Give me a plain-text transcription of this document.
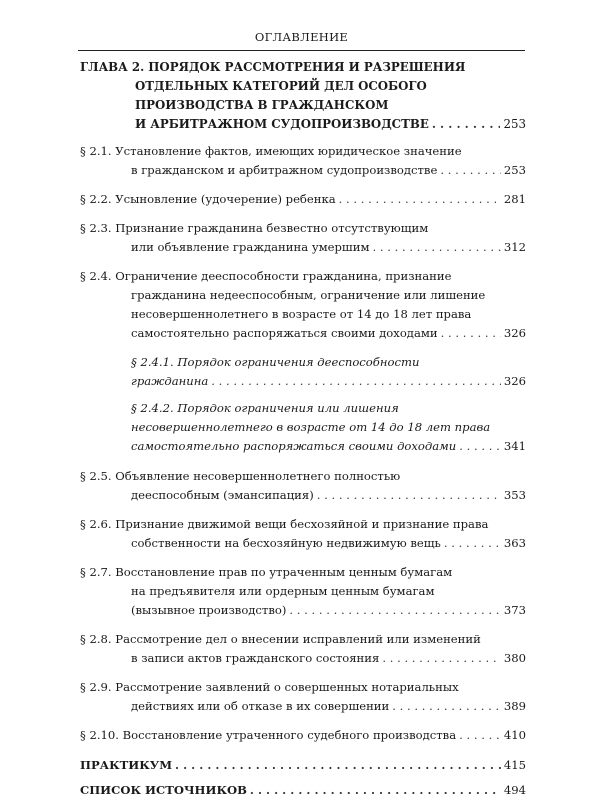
ОГЛАВЛЕНИЕ
ГЛАВА 2. ПОРЯДОК РАССМОТРЕНИЯ И РАЗРЕШЕНИЯ
ОТДЕЛЬНЫХ КАТЕГОРИЙ ДЕЛ ОСОБОГО
ПРОИЗВОДСТВА В ГРАЖДАНСКОМ
И АРБИТРАЖНОМ СУДОПРОИЗВОДСТВЕ . . .	253
§ 2.1. Установление фактов, имеющих юридическое значение
в гражданском и арбитражном судопроизводстве . . .	253
§ 2.2. Усыновление (удочерение) ребенка . . .	281
§ 2.3. Признание гражданина безвестно отсутствующим
или объявление гражданина умершим . . .	312
§ 2.4. Ограничение дееспособности гражданина, признание
гражданина недееспособным, ограничение или лишение
несовершеннолетнего в возрасте от 14 до 18 лет права
самостоятельно распоряжаться своими доходами . . .	326
§ 2.4.1. Порядок ограничения дееспособности
гражданина . . .	326
§ 2.4.2. Порядок ограничения или лишения
несовершеннолетнего в возрасте от 14 до 18 лет права
самостоятельно распоряжаться своими доходами . . .	341
§ 2.5. Объявление несовершеннолетнего полностью
дееспособным (эмансипация) . . .	353
§ 2.6. Признание движимой вещи бесхозяйной и признание права
собственности на бесхозяйную недвижимую вещь . . .	363
§ 2.7. Восстановление прав по утраченным ценным бумагам
на предъявителя или ордерным ценным бумагам
(вызывное производство) . . .	373
§ 2.8. Рассмотрение дел о внесении исправлений или изменений
в записи актов гражданского состояния . . .	380
§ 2.9. Рассмотрение заявлений о совершенных нотариальных
действиях или об отказе в их совершении . . .	389
§ 2.10. Восстановление утраченного судебного производства . . .	410
ПРАКТИКУМ . . .	415
СПИСОК ИСТОЧНИКОВ . . .	494
